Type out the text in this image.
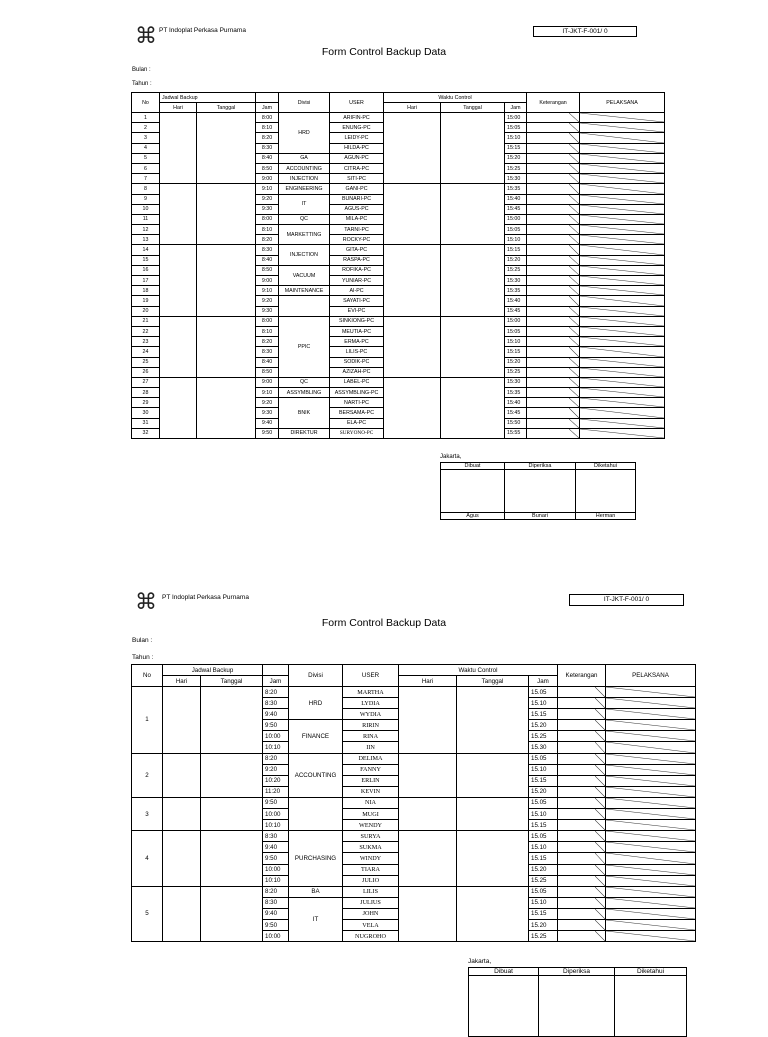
⌘ PT Indoplat Perkasa Purnama	IT-JKT-F-001/ 0
Form Control Backup Data
Bulan :
Tahun :
No	Jadwal Backup			Divisi	USER	Waktu Control			Keterangan	PELAKSANA
	Hari	Tanggal	Jam			Hari	Tanggal	Jam		
1			8:00	HRD	ARIFIN-PC			15:00		
2			8:10		ENUNG-PC			15:05		
3			8:20		LEIDY-PC			15:10		
4			8:30		HILDA-PC			15:15		
5			8:40	GA	AGUN-PC			15:20		
6			8:50	ACCOUNTING	CITRA-PC			15:25		
7			9:00	INJECTION	SITI-PC			15:30		
8			9:10	ENGINEERING	GANI-PC			15:35		
9			9:20	IT	BUNARI-PC			15:40		
10			9:30		AGUS-PC			15:45		
11			8:00	QC	MILA-PC			15:00		
12			8:10	MARKETTING	TARNI-PC			15:05		
13			8:20		ROCKY-PC			15:10		
14			8:30	INJECTION	GITA-PC			15:15		
15			8:40		RASPA-PC			15:20		
16			8:50	VACUUM	ROFIKA-PC			15:25		
17			9:00		YUNIAR-PC			15:30		
18			9:10	MAINTENANCE	AI-PC			15:35		
19			9:20		SAYATI-PC			15:40		
20			9:30		EVI-PC			15:45		
21			8:00	PPIC	SINKIONG-PC			15:00		
22			8:10		MEUTIA-PC			15:05		
23			8:20		ERMA-PC			15:10		
24			8:30		LILIS-PC			15:15		
25			8:40		SODIK-PC			15:20		
26			8:50		AZIZAH-PC			15:25		
27			9:00	QC	LABEL-PC			15:30		
28			9:10	ASSYMBLING	ASSYMBLING-PC			15:35		
29			9:20	BNIK	NARTI-PC			15:40		
30			9:30		BERSAMA-PC			15:45		
31			9:40		ELA-PC			15:50		
32			9:50	DIREKTUR	SURYONO-PC			15:55		
Dibuat	Diperiksa	Diketahui

Agus	Bunari	Herman
Jakarta,
⌘ PT Indoplat Perkasa Purnama	IT-JKT-F-001/ 0
Form Control Backup Data
Bulan :
Tahun :
No	Jadwal Backup			Divisi	USER	Waktu Control			Keterangan	PELAKSANA
	Hari	Tanggal	Jam			Hari	Tanggal	Jam		
1			8:20	HRD	MARTHA			15.05		
			8:30		LYDIA			15.10		
			9:40		WYDIA			15.15		
			9:50	FINANCE	RIRIN			15.20		
			10:00		RINA			15.25		
			10:10		IIN			15.30		
2			8:20	ACCOUNTING	DELIMA			15.05		
			9:20		FANNY			15.10		
			10:20		ERLIN			15.15		
			11:20		KEVIN			15.20		
3			9:50		NIA			15.05		
			10:00		MUGI			15.10		
			10:10		WENDY			15.15		
4			8:30	PURCHASING	SURYA			15.05		
			9:40		SUKMA			15.10		
			9:50		WINDY			15.15		
			10:00		TIARA			15.20		
			10:10		JULIO			15.25		
5			8:20	BA	LILIS			15.05		
			8:30	IT	JULIUS			15.10		
			9:40		JOHN			15.15		
			9:50		VELA			15.20		
			10:00		NUGROHO			15.25		
Jakarta,
Dibuat	Diperiksa	Diketahui
